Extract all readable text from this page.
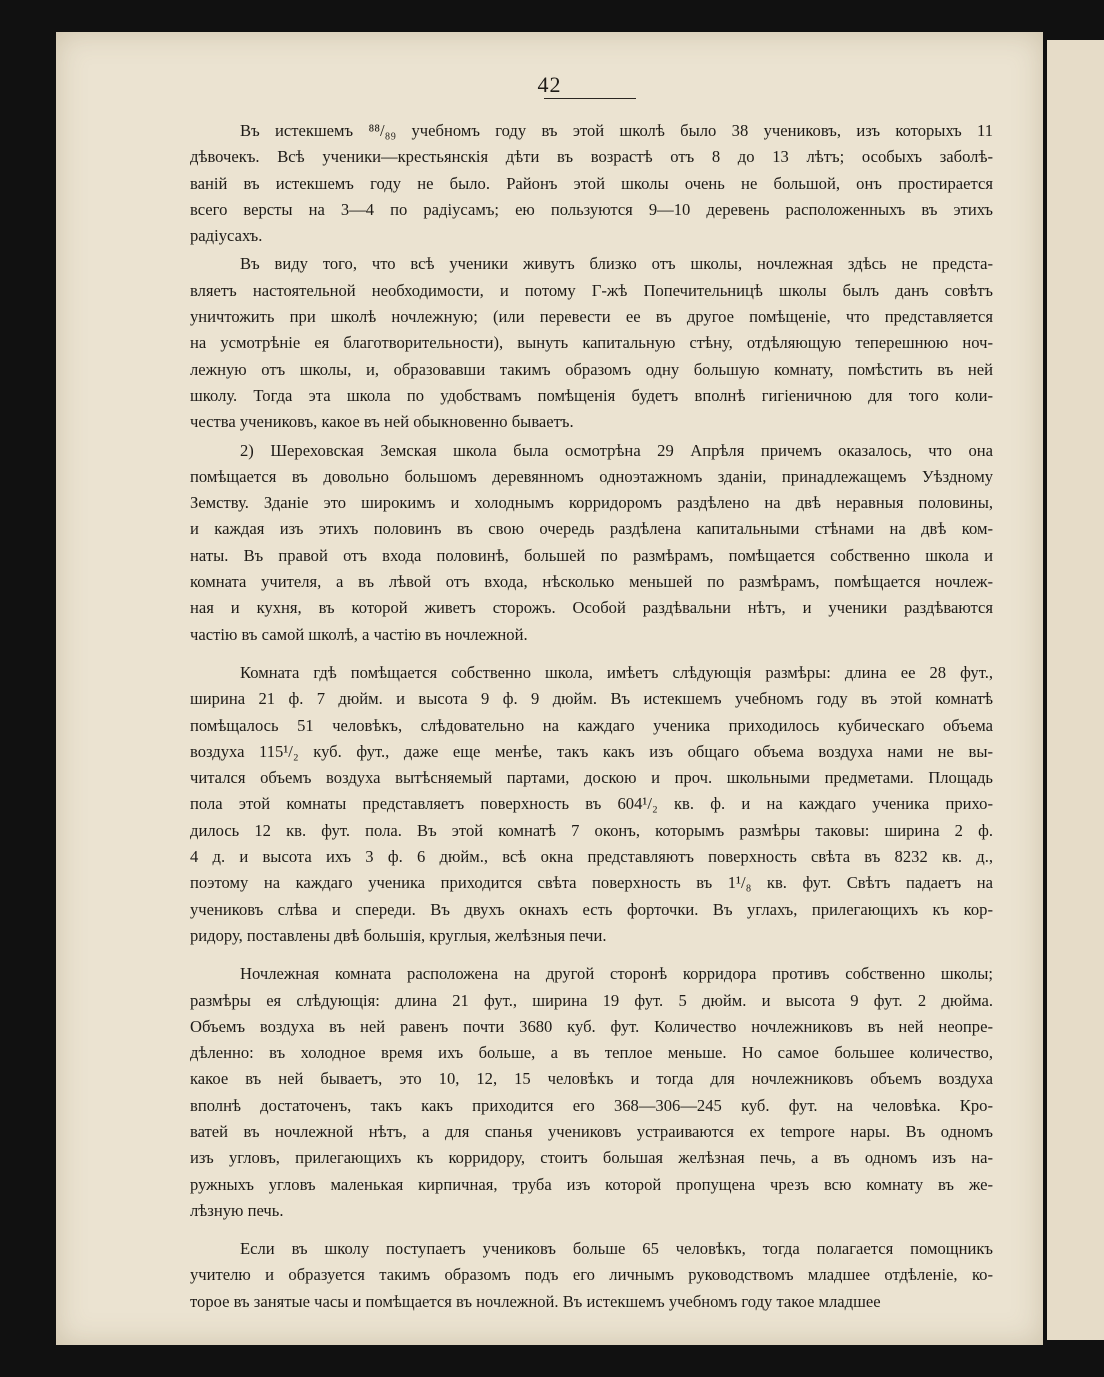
42
Въ истекшемъ ⁸⁸/₈₉ учебномъ году въ этой школѣ было 38 учениковъ, изъ которыхъ 11
дѣвочекъ. Всѣ ученики—крестьянскія дѣти въ возрастѣ отъ 8 до 13 лѣтъ; особыхъ заболѣ-
ваній въ истекшемъ году не было. Районъ этой школы очень не большой, онъ простирается
всего версты на 3—4 по радіусамъ; ею пользуются 9—10 деревень расположенныхъ въ этихъ
радіусахъ.
Въ виду того, что всѣ ученики живутъ близко отъ школы, ночлежная здѣсь не предста-
вляетъ настоятельной необходимости, и потому Г-жѣ Попечительницѣ школы былъ данъ совѣтъ
уничтожить при школѣ ночлежную; (или перевести ее въ другое помѣщеніе, что представляется
на усмотрѣніе ея благотворительности), вынуть капитальную стѣну, отдѣляющую теперешнюю ноч-
лежную отъ школы, и, образовавши такимъ образомъ одну большую комнату, помѣстить въ ней
школу. Тогда эта школа по удобствамъ помѣщенія будетъ вполнѣ гигіеничною для того коли-
чества учениковъ, какое въ ней обыкновенно бываетъ.
2) Шереховская Земская школа была осмотрѣна 29 Апрѣля причемъ оказалось, что она
помѣщается въ довольно большомъ деревянномъ одноэтажномъ зданіи, принадлежащемъ Уѣздному
Земству. Зданіе это широкимъ и холоднымъ корридоромъ раздѣлено на двѣ неравныя половины,
и каждая изъ этихъ половинъ въ свою очередь раздѣлена капитальными стѣнами на двѣ ком-
наты. Въ правой отъ входа половинѣ, большей по размѣрамъ, помѣщается собственно школа и
комната учителя, а въ лѣвой отъ входа, нѣсколько меньшей по размѣрамъ, помѣщается ночлеж-
ная и кухня, въ которой живетъ сторожъ. Особой раздѣвальни нѣтъ, и ученики раздѣваются
частію въ самой школѣ, а частію въ ночлежной.
Комната гдѣ помѣщается собственно школа, имѣетъ слѣдующія размѣры: длина ее 28 фут.,
ширина 21 ф. 7 дюйм. и высота 9 ф. 9 дюйм. Въ истекшемъ учебномъ году въ этой комнатѣ
помѣщалось 51 человѣкъ, слѣдовательно на каждаго ученика приходилось кубическаго объема
воздуха 115¹/₂ куб. фут., даже еще менѣе, такъ какъ изъ общаго объема воздуха нами не вы-
читался объемъ воздуха вытѣсняемый партами, доскою и проч. школьными предметами. Площадь
пола этой комнаты представляетъ поверхность въ 604¹/₂ кв. ф. и на каждаго ученика прихо-
дилось 12 кв. фут. пола. Въ этой комнатѣ 7 оконъ, которымъ размѣры таковы: ширина 2 ф.
4 д. и высота ихъ 3 ф. 6 дюйм., всѣ окна представляютъ поверхность свѣта въ 8232 кв. д.,
поэтому на каждаго ученика приходится свѣта поверхность въ 1¹/₈ кв. фут. Свѣтъ падаетъ на
учениковъ слѣва и спереди. Въ двухъ окнахъ есть форточки. Въ углахъ, прилегающихъ къ кор-
ридору, поставлены двѣ большія, круглыя, желѣзныя печи.
Ночлежная комната расположена на другой сторонѣ корридора противъ собственно школы;
размѣры ея слѣдующія: длина 21 фут., ширина 19 фут. 5 дюйм. и высота 9 фут. 2 дюйма.
Объемъ воздуха въ ней равенъ почти 3680 куб. фут. Количество ночлежниковъ въ ней неопре-
дѣленно: въ холодное время ихъ больше, а въ теплое меньше. Но самое большее количество,
какое въ ней бываетъ, это 10, 12, 15 человѣкъ и тогда для ночлежниковъ объемъ воздуха
вполнѣ достаточенъ, такъ какъ приходится его 368—306—245 куб. фут. на человѣка. Кро-
ватей въ ночлежной нѣтъ, а для спанья учениковъ устраиваются ех tempore нары. Въ одномъ
изъ угловъ, прилегающихъ къ корридору, стоитъ большая желѣзная печь, а въ одномъ изъ на-
ружныхъ угловъ маленькая кирпичная, труба изъ которой пропущена чрезъ всю комнату въ же-
лѣзную печь.
Если въ школу поступаетъ учениковъ больше 65 человѣкъ, тогда полагается помощникъ
учителю и образуется такимъ образомъ подъ его личнымъ руководствомъ младшее отдѣленіе, ко-
торое въ занятые часы и помѣщается въ ночлежной. Въ истекшемъ учебномъ году такое младшее
